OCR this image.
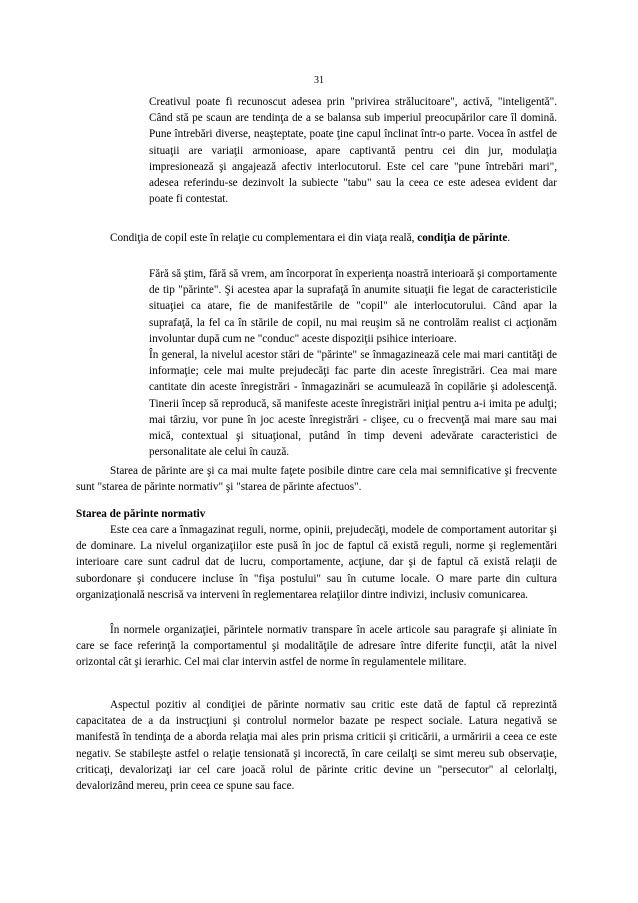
31

Creativul poate fi recunoscut adesea prin "privirea strălucitoare", activă, "inteligentă". Când stă pe scaun are tendinţa de a se balansa sub imperiul preocupărilor care îl domină. Pune întrebări diverse, neaşteptate, poate ţine capul înclinat într-o parte. Vocea în astfel de situaţii are variaţii armonioase, apare captivantă pentru cei din jur, modulaţia impresionează şi angajează afectiv interlocutorul. Este cel care "pune întrebări mari", adesea referindu-se dezinvolt la subiecte "tabu" sau la ceea ce este adesea evident dar poate fi contestat.

Condiţia de copil este în relaţie cu complementara ei din viaţa reală, condiţia de părinte.

Fără să ştim, fără să vrem, am încorporat în experienţa noastră interioară şi comportamente de tip "părinte". Şi acestea apar la suprafaţă în anumite situaţii fie legat de caracteristicile situaţiei ca atare, fie de manifestările de "copil" ale interlocutorului. Când apar la suprafaţă, la fel ca în stările de copil, nu mai reuşim să ne controlăm realist ci acţionăm involuntar după cum ne "conduc" aceste dispoziţii psihice interioare.

În general, la nivelul acestor stări de "părinte" se înmagazinează cele mai mari cantităţi de informaţie; cele mai multe prejudecăţi fac parte din aceste înregistrări. Cea mai mare cantitate din aceste înregistrări - înmagazinări se acumulează în copilărie şi adolescenţă. Tinerii încep să reproducă, să manifeste aceste înregistrări iniţial pentru a-i imita pe adulţi; mai târziu, vor pune în joc aceste înregistrări - clişee, cu o frecvenţă mai mare sau mai mică, contextual şi situaţional, putând în timp deveni adevărate caracteristici de personalitate ale celui în cauză.

Starea de părinte are şi ca mai multe faţete posibile dintre care cela mai semnificative şi frecvente sunt "starea de părinte normativ" şi "starea de părinte afectuos".

Starea de părinte normativ

Este cea care a înmagazinat reguli, norme, opinii, prejudecăţi, modele de comportament autoritar şi de dominare. La nivelul organizaţiilor este pusă în joc de faptul că există reguli, norme şi reglementări interioare care sunt cadrul dat de lucru, comportamente, acţiune, dar şi de faptul că există relaţii de subordonare şi conducere incluse în "fişa postului" sau în cutume locale. O mare parte din cultura organizaţională nescrisă va interveni în reglementarea relaţiilor dintre indivizi, inclusiv comunicarea.

În normele organizaţiei, părintele normativ transpare în acele articole sau paragrafe şi aliniate în care se face referinţă la comportamentul şi modalităţile de adresare între diferite funcţii, atât la nivel orizontal cât şi ierarhic. Cel mai clar intervin astfel de norme în regulamentele militare.

Aspectul pozitiv al condiţiei de părinte normativ sau critic este dată de faptul că reprezintă capacitatea de a da instrucţiuni şi controlul normelor bazate pe respect sociale. Latura negativă se manifestă în tendinţa de a aborda relaţia mai ales prin prisma criticii şi criticării, a urmăririi a ceea ce este negativ. Se stabileşte astfel o relaţie tensionată şi incorectă, în care ceilalţi se simt mereu sub observaţie, criticaţi, devalorizaţi iar cel care joacă rolul de părinte critic devine un "persecutor" al celorlalţi, devalorizând mereu, prin ceea ce spune sau face.
